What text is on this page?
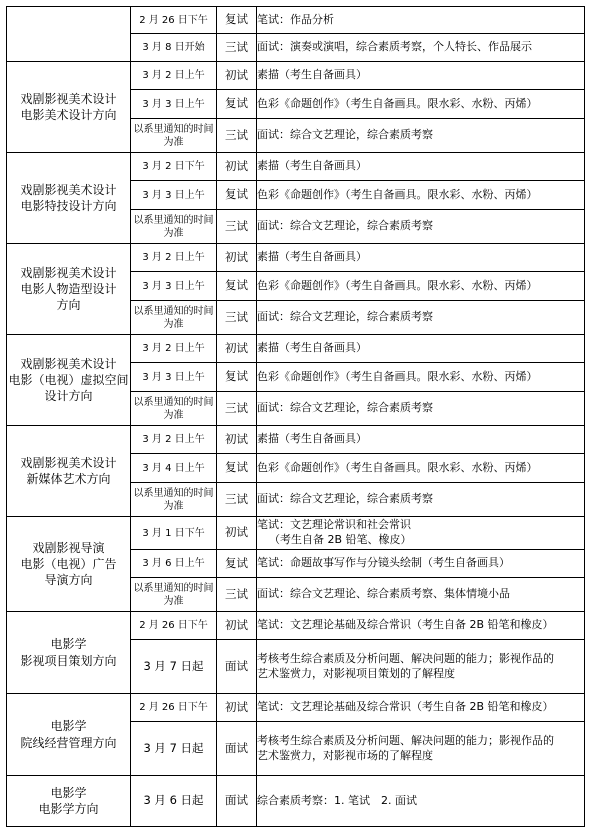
	2 月 26 日下午	复试	笔试：作品分析

	3 月 8 日开始	三试	面试：演奏或演唱，综合素质考察，个人特长、作品展示

戏剧影视美术设计
电影美术设计方向	3 月 2 日上午	初试	素描（考生自备画具）

	3 月 3 日上午	复试	色彩《命题创作》（考生自备画具。限水彩、水粉、丙烯）

	以系里通知的时间为准	三试	面试：综合文艺理论，综合素质考察

戏剧影视美术设计
电影特技设计方向	3 月 2 日下午	初试	素描（考生自备画具）

	3 月 3 日上午	复试	色彩《命题创作》（考生自备画具。限水彩、水粉、丙烯）

	以系里通知的时间为准	三试	面试：综合文艺理论，综合素质考察

戏剧影视美术设计
电影人物造型设计
方向	3 月 2 日上午	初试	素描（考生自备画具）

	3 月 3 日上午	复试	色彩《命题创作》（考生自备画具。限水彩、水粉、丙烯）

	以系里通知的时间为准	三试	面试：综合文艺理论，综合素质考察

戏剧影视美术设计
电影（电视）虚拟空间
设计方向	3 月 2 日上午	初试	素描（考生自备画具）

	3 月 3 日上午	复试	色彩《命题创作》（考生自备画具。限水彩、水粉、丙烯）

	以系里通知的时间为准	三试	面试：综合文艺理论，综合素质考察

戏剧影视美术设计
新媒体艺术方向	3 月 2 日上午	初试	素描（考生自备画具）

	3 月 4 日上午	复试	色彩《命题创作》（考生自备画具。限水彩、水粉、丙烯）

	以系里通知的时间为准	三试	面试：综合文艺理论，综合素质考察

戏剧影视导演
电影（电视）广告
导演方向	3 月 1 日下午	初试	笔试：文艺理论常识和社会常识
（考生自备 2B 铅笔、橡皮）

	3 月 6 日上午	复试	笔试：命题故事写作与分镜头绘制（考生自备画具）

	以系里通知的时间为准	三试	面试：综合文艺理论、综合素质考察、集体情境小品

电影学
影视项目策划方向	2 月 26 日下午	初试	笔试：文艺理论基础及综合常识（考生自备 2B 铅笔和橡皮）

	3 月 7 日起	面试	考核考生综合素质及分析问题、解决问题的能力；影视作品的
艺术鉴赏力，对影视项目策划的了解程度

电影学
院线经营管理方向	2 月 26 日下午	初试	笔试：文艺理论基础及综合常识（考生自备 2B 铅笔和橡皮）

	3 月 7 日起	面试	考核考生综合素质及分析问题、解决问题的能力；影视作品的
艺术鉴赏力，对影视市场的了解程度

电影学
电影学方向	3 月 6 日起	面试	综合素质考察：1. 笔试　2. 面试
